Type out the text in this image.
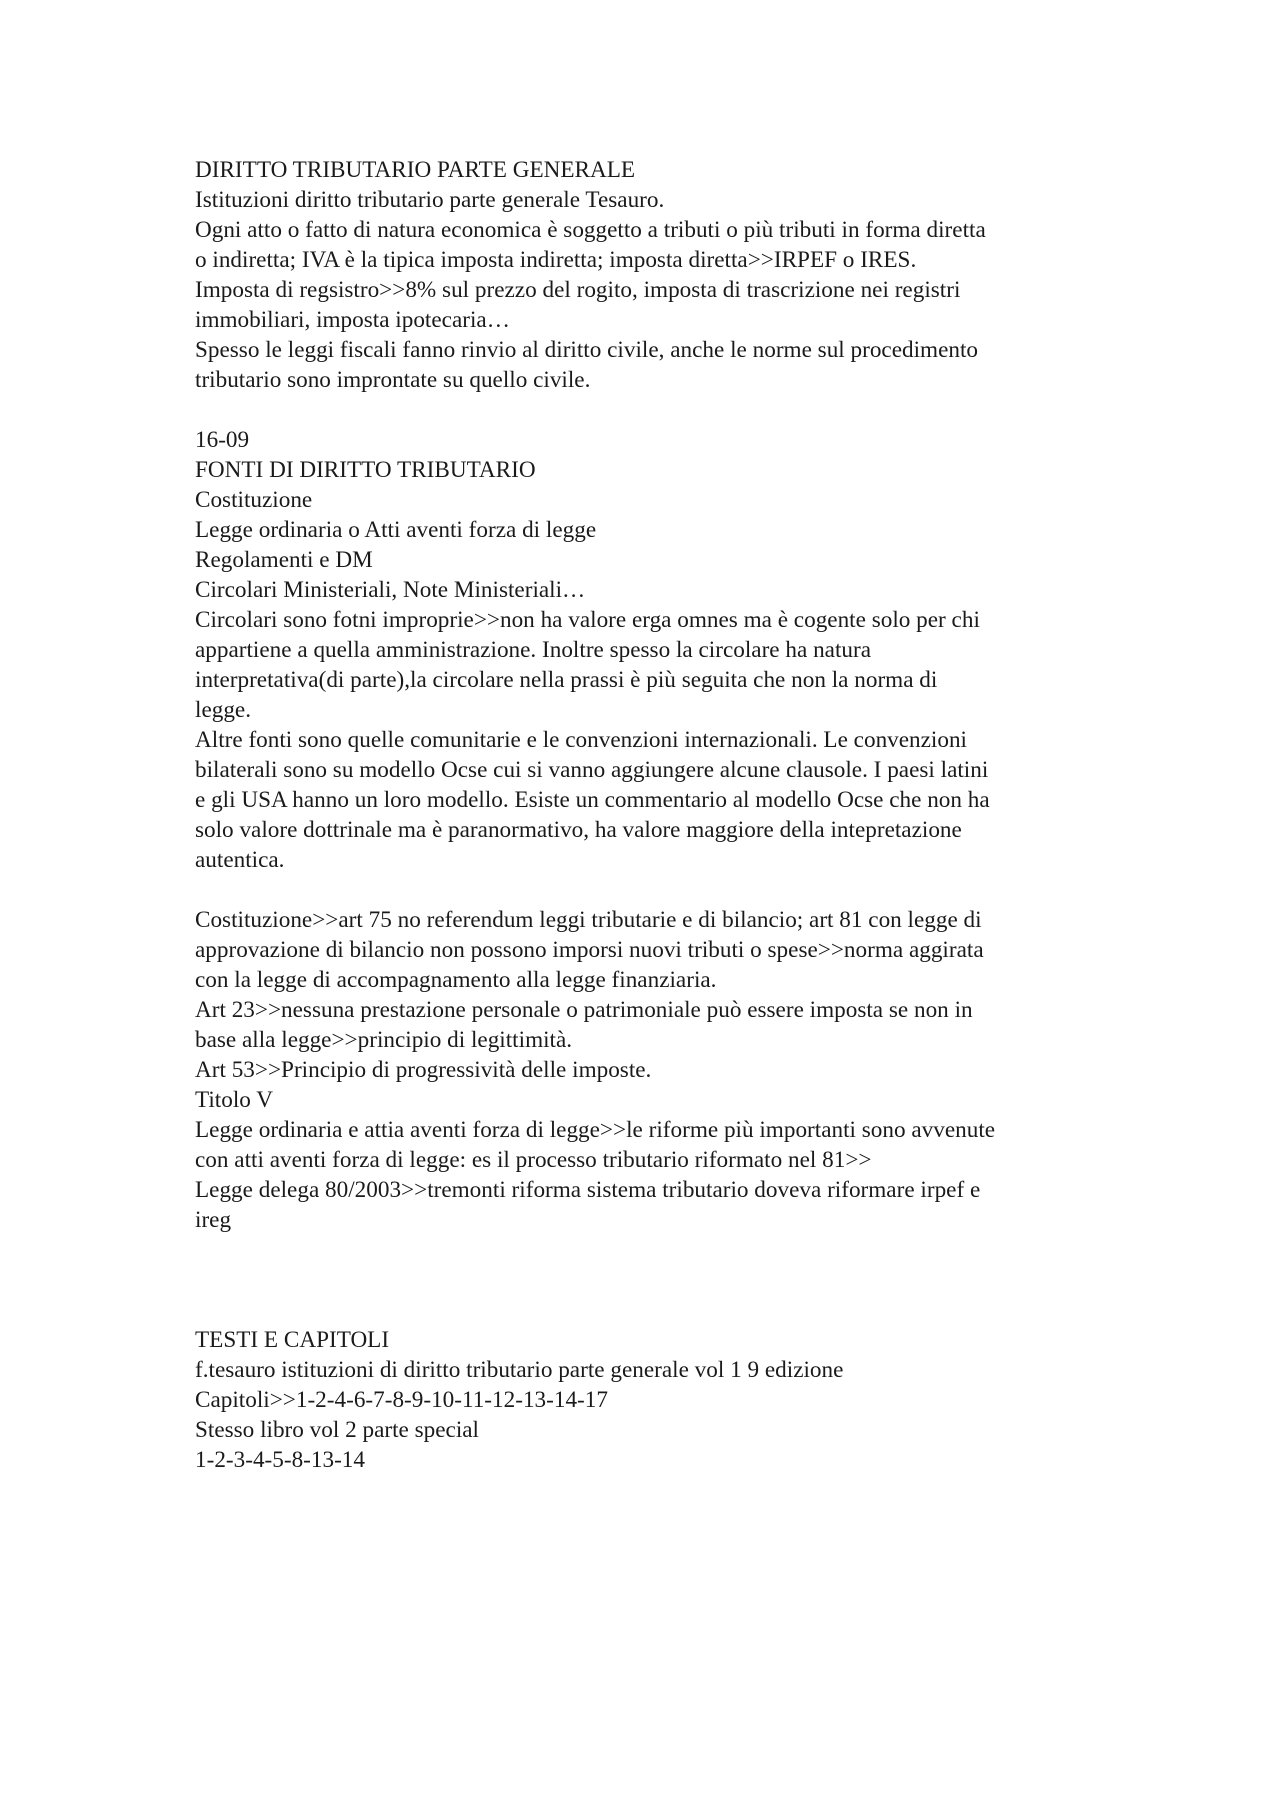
DIRITTO TRIBUTARIO PARTE GENERALE
Istituzioni diritto tributario parte generale Tesauro.
Ogni atto o fatto di natura economica è soggetto a tributi o più tributi in forma diretta
o indiretta; IVA è la tipica imposta indiretta; imposta diretta>>IRPEF o IRES.
Imposta di regsistro>>8% sul prezzo del rogito, imposta di trascrizione nei registri
immobiliari, imposta ipotecaria…
Spesso le leggi fiscali fanno rinvio al diritto civile, anche le norme sul procedimento
tributario sono improntate su quello civile.
16-09
FONTI DI DIRITTO TRIBUTARIO
Costituzione
Legge ordinaria o Atti aventi forza di legge
Regolamenti e DM
Circolari Ministeriali, Note Ministeriali…
Circolari sono fotni improprie>>non ha valore erga omnes ma è cogente solo per chi
appartiene a quella amministrazione. Inoltre spesso la circolare ha natura
interpretativa(di parte),la circolare nella prassi è più seguita che non la norma di
legge.
Altre fonti sono quelle comunitarie e le convenzioni internazionali. Le convenzioni
bilaterali sono su modello Ocse cui si vanno aggiungere alcune clausole. I paesi latini
e gli USA hanno un loro modello. Esiste un commentario al modello Ocse che non ha
solo valore dottrinale ma è paranormativo, ha valore maggiore della intepretazione
autentica.
Costituzione>>art 75 no referendum leggi tributarie e di bilancio; art 81 con legge di
approvazione di bilancio non possono imporsi nuovi tributi o spese>>norma aggirata
con la legge di accompagnamento alla legge finanziaria.
Art 23>>nessuna prestazione personale o patrimoniale può essere imposta se non in
base alla legge>>principio di legittimità.
Art 53>>Principio di progressività delle imposte.
Titolo V
Legge ordinaria e attia aventi forza di legge>>le riforme più importanti sono avvenute
con atti aventi forza di legge: es il processo tributario riformato nel 81>>
Legge delega 80/2003>>tremonti riforma sistema tributario doveva riformare irpef e
ireg
TESTI E CAPITOLI
f.tesauro istituzioni di diritto tributario parte generale vol 1 9 edizione
Capitoli>>1-2-4-6-7-8-9-10-11-12-13-14-17
Stesso libro vol 2 parte special
1-2-3-4-5-8-13-14
